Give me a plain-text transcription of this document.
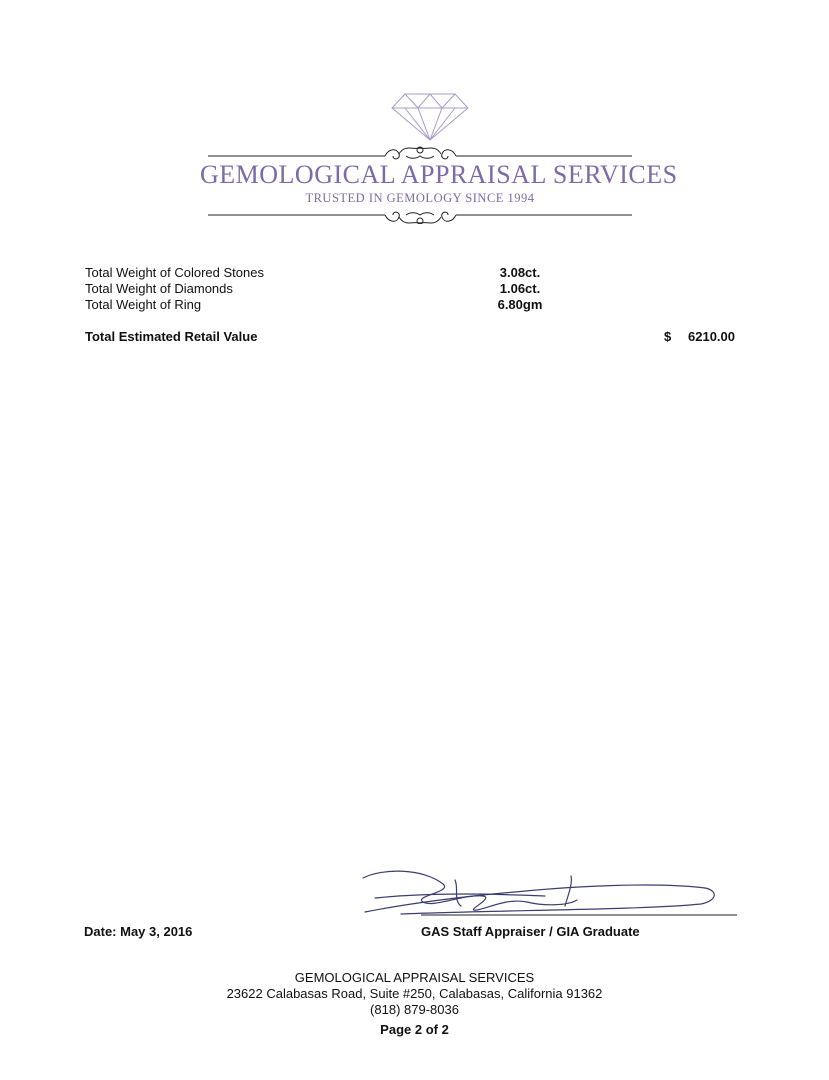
GEMOLOGICAL APPRAISAL SERVICES
TRUSTED IN GEMOLOGY SINCE 1994
Total Weight of Colored Stones	3.08ct.
Total Weight of Diamonds	1.06ct.
Total Weight of Ring	6.80gm
Total Estimated Retail Value	$ 6210.00
Date: May 3, 2016	GAS Staff Appraiser / GIA Graduate
GEMOLOGICAL APPRAISAL SERVICES
23622 Calabasas Road, Suite #250, Calabasas, California 91362
(818) 879-8036
Page 2 of 2
